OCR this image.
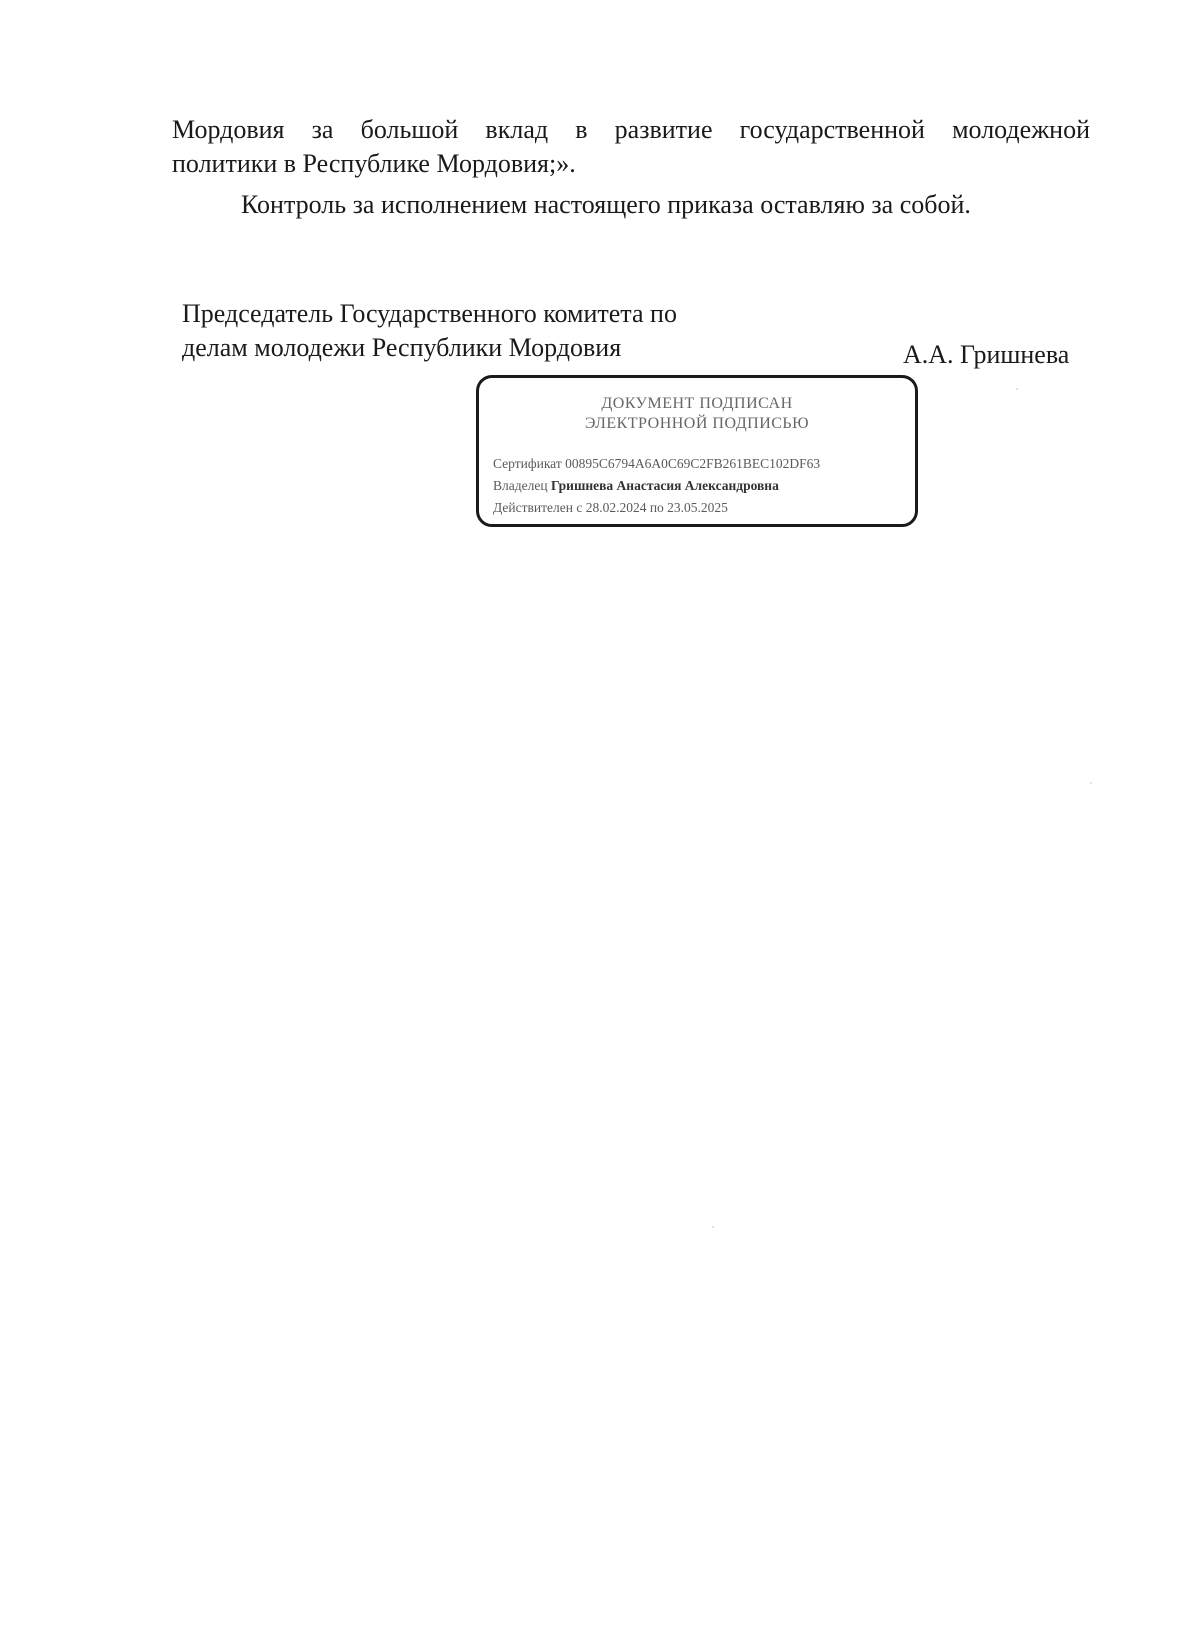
Мордовия за большой вклад в развитие государственной молодежной
политики в Республике Мордовия;».
Контроль за исполнением настоящего приказа оставляю за собой.
Председатель Государственного комитета по
делам молодежи Республики Мордовия	А.А. Гришнева
ДОКУМЕНТ ПОДПИСАН
ЭЛЕКТРОННОЙ ПОДПИСЬЮ
Сертификат 00895C6794A6A0C69C2FB261BEC102DF63
Владелец Гришнева Анастасия Александровна
Действителен с 28.02.2024 по 23.05.2025
